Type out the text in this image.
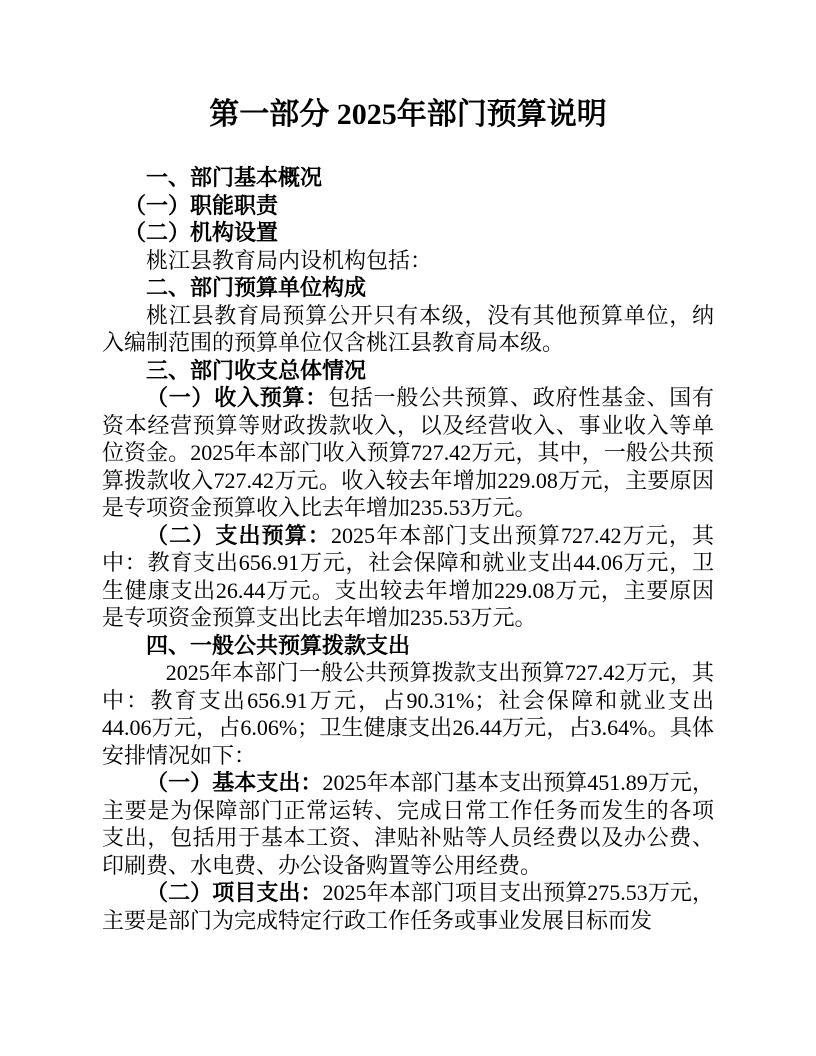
第一部分 2025年部门预算说明

一、部门基本概况

（一）职能职责

（二）机构设置

桃江县教育局内设机构包括：

二、部门预算单位构成

桃江县教育局预算公开只有本级，没有其他预算单位，纳入编制范围的预算单位仅含桃江县教育局本级。

三、部门收支总体情况

（一）收入预算：包括一般公共预算、政府性基金、国有资本经营预算等财政拨款收入，以及经营收入、事业收入等单位资金。2025年本部门收入预算727.42万元，其中，一般公共预算拨款收入727.42万元。收入较去年增加229.08万元，主要原因是专项资金预算收入比去年增加235.53万元。

（二）支出预算：2025年本部门支出预算727.42万元，其中：教育支出656.91万元，社会保障和就业支出44.06万元，卫生健康支出26.44万元。支出较去年增加229.08万元，主要原因是专项资金预算支出比去年增加235.53万元。

四、一般公共预算拨款支出

2025年本部门一般公共预算拨款支出预算727.42万元，其中：教育支出656.91万元，占90.31%；社会保障和就业支出44.06万元，占6.06%；卫生健康支出26.44万元，占3.64%。具体安排情况如下：

（一）基本支出：2025年本部门基本支出预算451.89万元，主要是为保障部门正常运转、完成日常工作任务而发生的各项支出，包括用于基本工资、津贴补贴等人员经费以及办公费、印刷费、水电费、办公设备购置等公用经费。

（二）项目支出：2025年本部门项目支出预算275.53万元，主要是部门为完成特定行政工作任务或事业发展目标而发
